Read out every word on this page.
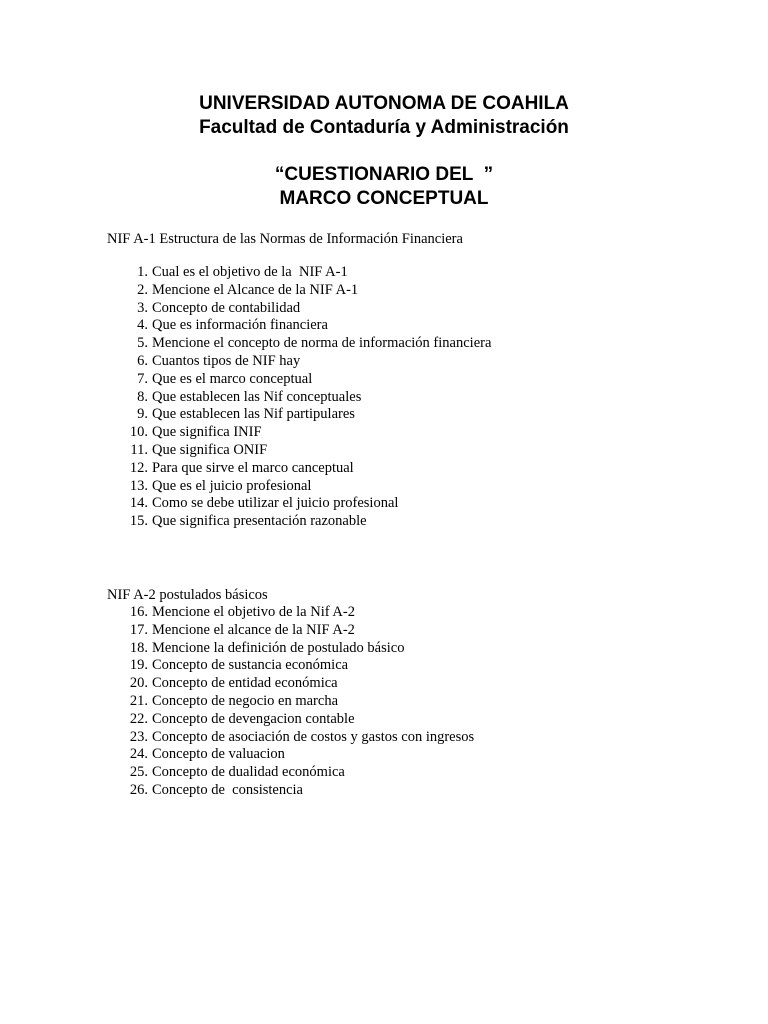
UNIVERSIDAD AUTONOMA DE COAHILA
Facultad de Contaduría y Administración
“CUESTIONARIO DEL  ”
MARCO CONCEPTUAL
NIF A-1 Estructura de las Normas de Información Financiera
1. Cual es el objetivo de la  NIF A-1
2. Mencione el Alcance de la NIF A-1
3. Concepto de contabilidad
4. Que es información financiera
5. Mencione el concepto de norma de información financiera
6. Cuantos tipos de NIF hay
7. Que es el marco conceptual
8. Que establecen las Nif conceptuales
9. Que establecen las Nif partipulares
10. Que significa INIF
11. Que significa ONIF
12. Para que sirve el marco canceptual
13. Que es el juicio profesional
14. Como se debe utilizar el juicio profesional
15. Que significa presentación razonable
NIF A-2 postulados básicos
16. Mencione el objetivo de la Nif A-2
17. Mencione el alcance de la NIF A-2
18. Mencione la definición de postulado básico
19. Concepto de sustancia económica
20. Concepto de entidad económica
21. Concepto de negocio en marcha
22. Concepto de devengacion contable
23. Concepto de asociación de costos y gastos con ingresos
24. Concepto de valuacion
25. Concepto de dualidad económica
26. Concepto de  consistencia
